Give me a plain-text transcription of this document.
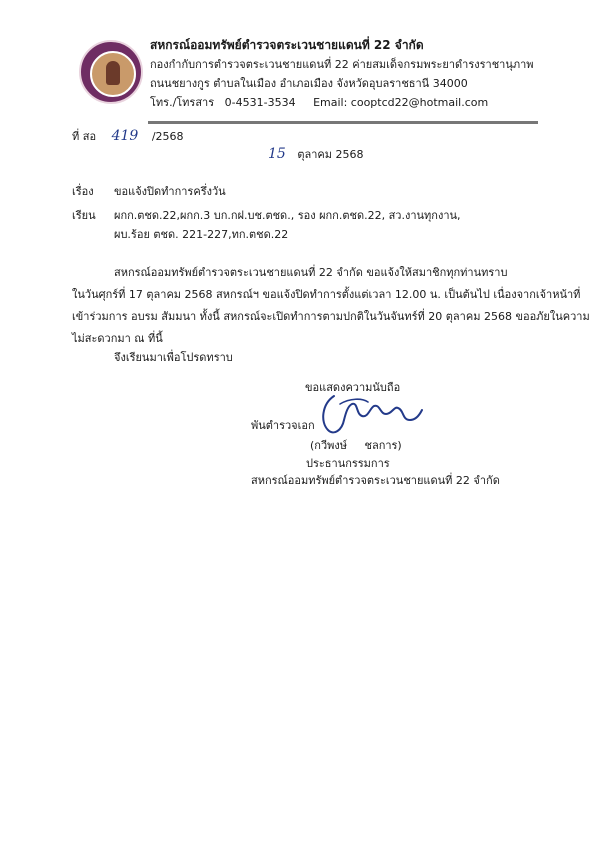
สหกรณ์ออมทรัพย์ตำรวจตระเวนชายแดนที่ 22 จำกัด
กองกำกับการตำรวจตระเวนชายแดนที่ 22 ค่ายสมเด็จกรมพระยาดำรงราชานุภาพ
ถนนชยางกูร ตำบลในเมือง อำเภอเมือง จังหวัดอุบลราชธานี 34000
โทร./โทรสาร 0-4531-3534 Email: cooptcd22@hotmail.com
ที่ สอ 419 /2568
15 ตุลาคม 2568
เรื่อง ขอแจ้งปิดทำการครึ่งวัน
เรียน ผกก.ตชด.22,ผกก.3 บก.กฝ.บช.ตชด., รอง ผกก.ตชด.22, สว.งานทุกงาน,
ผบ.ร้อย ตชด. 221-227,ทก.ตชด.22
สหกรณ์ออมทรัพย์ตำรวจตระเวนชายแดนที่ 22 จำกัด ขอแจ้งให้สมาชิกทุกท่านทราบ
ในวันศุกร์ที่ 17 ตุลาคม 2568 สหกรณ์ฯ ขอแจ้งปิดทำการตั้งแต่เวลา 12.00 น. เป็นต้นไป เนื่องจากเจ้าหน้าที่
เข้าร่วมการ อบรม สัมมนา ทั้งนี้ สหกรณ์จะเปิดทำการตามปกติในวันจันทร์ที่ 20 ตุลาคม 2568 ขออภัยในความ
ไม่สะดวกมา ณ ที่นี้
จึงเรียนมาเพื่อโปรดทราบ
ขอแสดงความนับถือ
พันตำรวจเอก
(กวีพงษ์     ชลการ)
ประธานกรรมการ
สหกรณ์ออมทรัพย์ตำรวจตระเวนชายแดนที่ 22 จำกัด
